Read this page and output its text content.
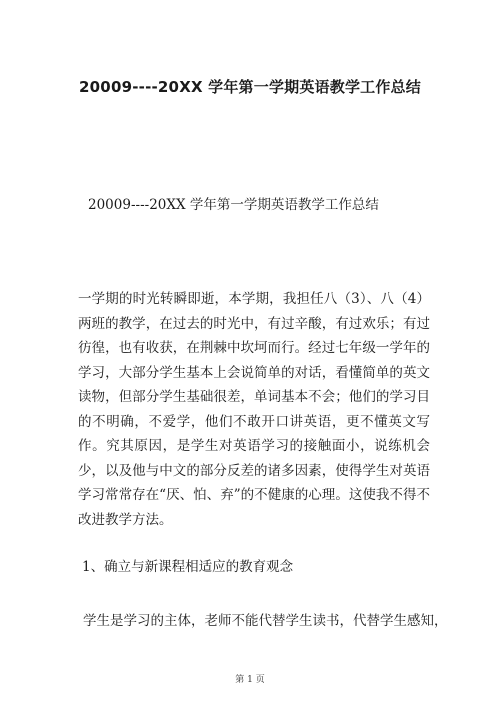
20009----20XX 学年第一学期英语教学工作总结
20009----20XX 学年第一学期英语教学工作总结

一学期的时光转瞬即逝，本学期，我担任八（3）、八（4）两班的教学，在过去的时光中，有过辛酸，有过欢乐；有过彷徨，也有收获，在荆棘中坎坷而行。经过七年级一学年的学习，大部分学生基本上会说简单的对话，看懂简单的英文读物，但部分学生基础很差，单词基本不会；他们的学习目的不明确，不爱学，他们不敢开口讲英语，更不懂英文写作。究其原因，是学生对英语学习的接触面小，说练机会少，以及他与中文的部分反差的诸多因素，使得学生对英语学习常常存在“厌、怕、弃”的不健康的心理。这使我不得不改进教学方法。

1、确立与新课程相适应的教育观念
学生是学习的主体，老师不能代替学生读书，代替学生感知，
第 1 页
